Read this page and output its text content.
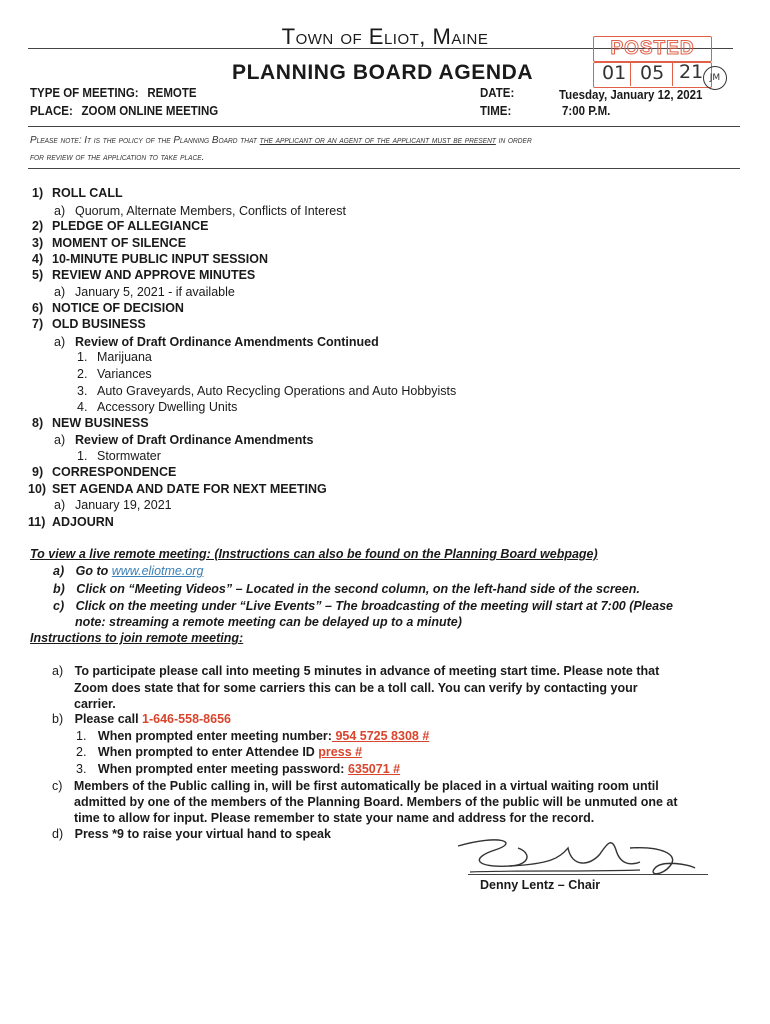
Town of Eliot, Maine
PLANNING BOARD AGENDA
POSTED
01 05 21 JM
TYPE OF MEETING: REMOTE
PLACE: ZOOM ONLINE MEETING
DATE:	Tuesday, January 12, 2021
TIME:	7:00 P.M.
Please note: It is the policy of the Planning Board that the applicant or an agent of the applicant must be present in order
for review of the application to take place.
1) ROLL CALL
a) Quorum, Alternate Members, Conflicts of Interest
2) PLEDGE OF ALLEGIANCE
3) MOMENT OF SILENCE
4) 10-MINUTE PUBLIC INPUT SESSION
5) REVIEW AND APPROVE MINUTES
a) January 5, 2021 - if available
6) NOTICE OF DECISION
7) OLD BUSINESS
a) Review of Draft Ordinance Amendments Continued
1. Marijuana
2. Variances
3. Auto Graveyards, Auto Recycling Operations and Auto Hobbyists
4. Accessory Dwelling Units
8) NEW BUSINESS
a) Review of Draft Ordinance Amendments
1. Stormwater
9) CORRESPONDENCE
10) SET AGENDA AND DATE FOR NEXT MEETING
a) January 19, 2021
11) ADJOURN
To view a live remote meeting: (Instructions can also be found on the Planning Board webpage)
a) Go to www.eliotme.org
b) Click on “Meeting Videos” – Located in the second column, on the left-hand side of the screen.
c) Click on the meeting under “Live Events” – The broadcasting of the meeting will start at 7:00 (Please
note: streaming a remote meeting can be delayed up to a minute)
Instructions to join remote meeting:
a) To participate please call into meeting 5 minutes in advance of meeting start time. Please note that
Zoom does state that for some carriers this can be a toll call. You can verify by contacting your
carrier.
b) Please call 1-646-558-8656
1. When prompted enter meeting number: 954 5725 8308 #
2. When prompted to enter Attendee ID press #
3. When prompted enter meeting password: 635071 #
c) Members of the Public calling in, will be first automatically be placed in a virtual waiting room until
admitted by one of the members of the Planning Board. Members of the public will be unmuted one at
time to allow for input. Please remember to state your name and address for the record.
d) Press *9 to raise your virtual hand to speak
Denny Lentz – Chair
